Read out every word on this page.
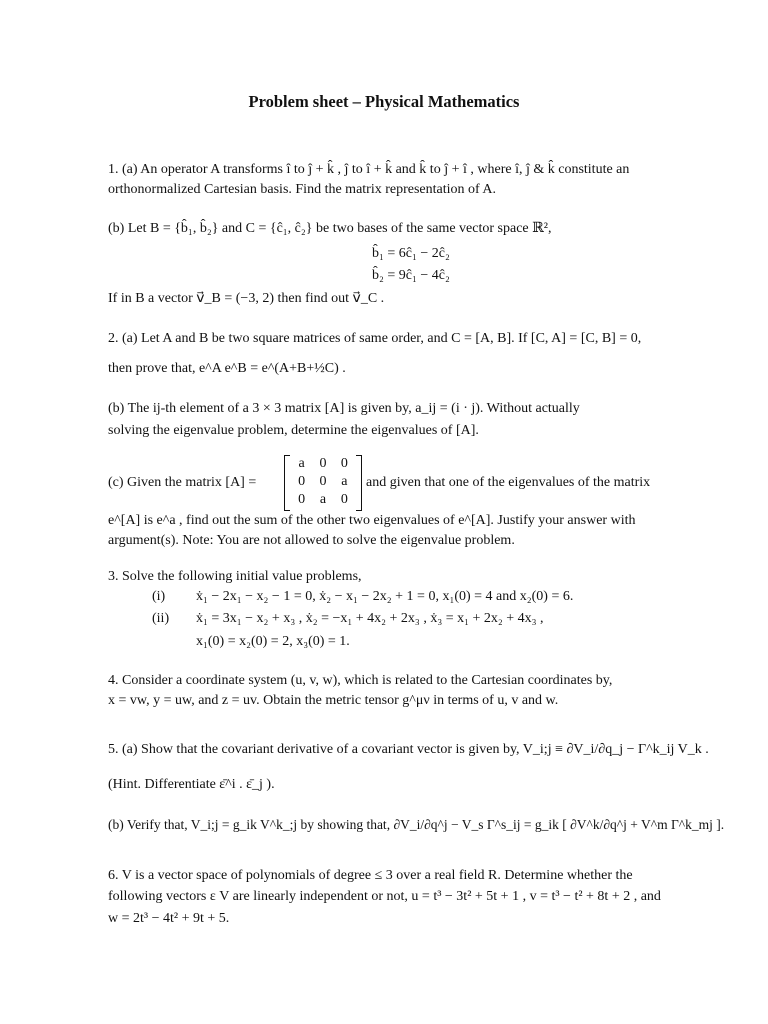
Problem sheet – Physical Mathematics
1. (a) An operator A transforms î to ĵ + k̂ , ĵ to î + k̂ and k̂ to ĵ + î , where î, ĵ & k̂ constitute an
orthonormalized Cartesian basis. Find the matrix representation of A.
(b) Let B = {b̂₁, b̂₂} and C = {ĉ₁, ĉ₂} be two bases of the same vector space ℝ²,
b̂₁ = 6ĉ₁ − 2ĉ₂
b̂₂ = 9ĉ₁ − 4ĉ₂
If in B a vector v⃗_B = (−3, 2) then find out v⃗_C .
2. (a) Let A and B be two square matrices of same order, and C = [A, B]. If [C, A] = [C, B] = 0,
then prove that, e^A e^B = e^(A+B+½C) .
(b) The ij-th element of a 3 × 3 matrix [A] is given by, a_ij = (i · j). Without actually
solving the eigenvalue problem, determine the eigenvalues of [A].
(c) Given the matrix [A] =
a	0	0
0	0	a
0	a	0
and given that one of the eigenvalues of the matrix
e^[A] is e^a , find out the sum of the other two eigenvalues of e^[A]. Justify your answer with
argument(s). Note: You are not allowed to solve the eigenvalue problem.
3. Solve the following initial value problems,
(i) ẋ₁ − 2x₁ − x₂ − 1 = 0, ẋ₂ − x₁ − 2x₂ + 1 = 0, x₁(0) = 4 and x₂(0) = 6.
(ii) ẋ₁ = 3x₁ − x₂ + x₃ , ẋ₂ = −x₁ + 4x₂ + 2x₃ , ẋ₃ = x₁ + 2x₂ + 4x₃ ,
x₁(0) = x₂(0) = 2, x₃(0) = 1.
4. Consider a coordinate system (u, v, w), which is related to the Cartesian coordinates by,
x = vw, y = uw, and z = uv. Obtain the metric tensor g^μν in terms of u, v and w.
5. (a) Show that the covariant derivative of a covariant vector is given by, V_i;j ≡ ∂V_i/∂q_j − Γ^k_ij V_k .
(Hint. Differentiate ε̄^i . ε̄_j ).
(b) Verify that, V_i;j = g_ik V^k_;j by showing that, ∂V_i/∂q^j − V_s Γ^s_ij = g_ik [ ∂V^k/∂q^j + V^m Γ^k_mj ].
6. V is a vector space of polynomials of degree ≤ 3 over a real field R. Determine whether the
following vectors ε V are linearly independent or not, u = t³ − 3t² + 5t + 1 , v = t³ − t² + 8t + 2 , and
w = 2t³ − 4t² + 9t + 5.
